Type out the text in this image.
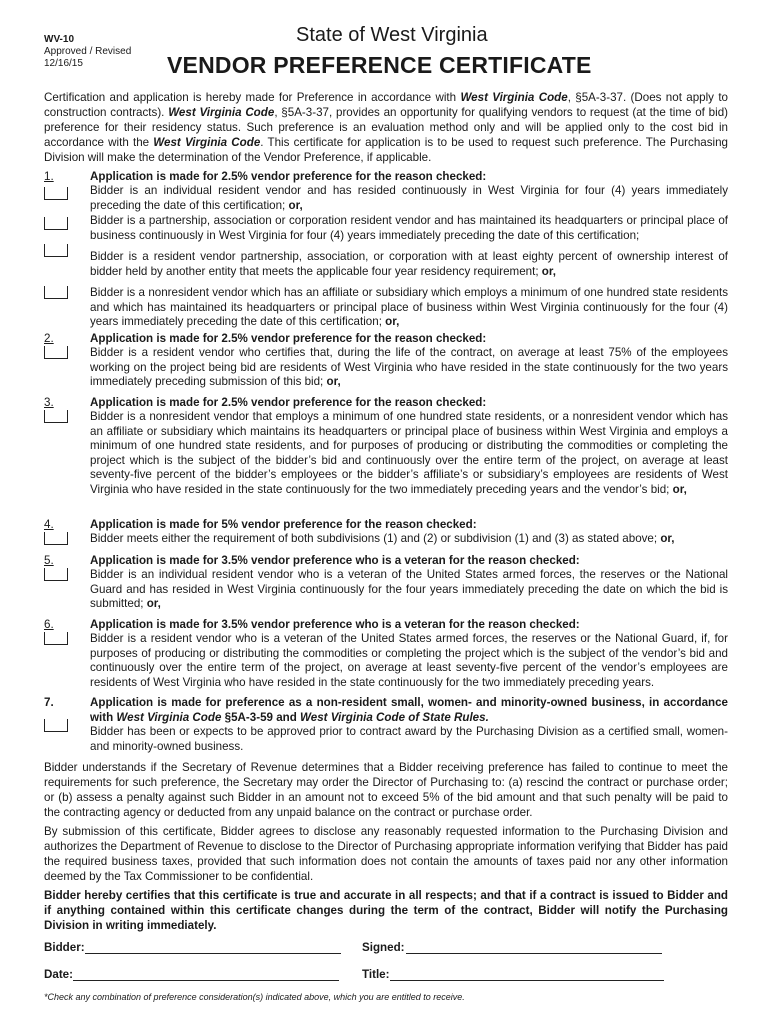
WV-10
Approved / Revised
12/16/15
State of West Virginia
VENDOR PREFERENCE CERTIFICATE
Certification and application is hereby made for Preference in accordance with West Virginia Code, §5A-3-37. (Does not apply to construction contracts). West Virginia Code, §5A-3-37, provides an opportunity for qualifying vendors to request (at the time of bid) preference for their residency status. Such preference is an evaluation method only and will be applied only to the cost bid in accordance with the West Virginia Code. This certificate for application is to be used to request such preference. The Purchasing Division will make the determination of the Vendor Preference, if applicable.
1.	Application is made for 2.5% vendor preference for the reason checked:
Bidder is an individual resident vendor and has resided continuously in West Virginia for four (4) years immediately preceding the date of this certification; or,
Bidder is a partnership, association or corporation resident vendor and has maintained its headquarters or principal place of business continuously in West Virginia for four (4) years immediately preceding the date of this certification;
Bidder is a resident vendor partnership, association, or corporation with at least eighty percent of ownership interest of bidder held by another entity that meets the applicable four year residency requirement; or,
Bidder is a nonresident vendor which has an affiliate or subsidiary which employs a minimum of one hundred state residents and which has maintained its headquarters or principal place of business within West Virginia continuously for the four (4) years immediately preceding the date of this certification; or,
2.	Application is made for 2.5% vendor preference for the reason checked:
Bidder is a resident vendor who certifies that, during the life of the contract, on average at least 75% of the employees working on the project being bid are residents of West Virginia who have resided in the state continuously for the two years immediately preceding submission of this bid; or,
3.	Application is made for 2.5% vendor preference for the reason checked:
Bidder is a nonresident vendor that employs a minimum of one hundred state residents, or a nonresident vendor which has an affiliate or subsidiary which maintains its headquarters or principal place of business within West Virginia and employs a minimum of one hundred state residents, and for purposes of producing or distributing the commodities or completing the project which is the subject of the bidder’s bid and continuously over the entire term of the project, on average at least seventy-five percent of the bidder’s employees or the bidder’s affiliate’s or subsidiary’s employees are residents of West Virginia who have resided in the state continuously for the two immediately preceding years and the vendor’s bid; or,
4.	Application is made for 5% vendor preference for the reason checked:
Bidder meets either the requirement of both subdivisions (1) and (2) or subdivision (1) and (3) as stated above; or,
5.	Application is made for 3.5% vendor preference who is a veteran for the reason checked:
Bidder is an individual resident vendor who is a veteran of the United States armed forces, the reserves or the National Guard and has resided in West Virginia continuously for the four years immediately preceding the date on which the bid is submitted; or,
6.	Application is made for 3.5% vendor preference who is a veteran for the reason checked:
Bidder is a resident vendor who is a veteran of the United States armed forces, the reserves or the National Guard, if, for purposes of producing or distributing the commodities or completing the project which is the subject of the vendor’s bid and continuously over the entire term of the project, on average at least seventy-five percent of the vendor’s employees are residents of West Virginia who have resided in the state continuously for the two immediately preceding years.
7.	Application is made for preference as a non-resident small, women- and minority-owned business, in accordance with West Virginia Code §5A-3-59 and West Virginia Code of State Rules.
Bidder has been or expects to be approved prior to contract award by the Purchasing Division as a certified small, women- and minority-owned business.
Bidder understands if the Secretary of Revenue determines that a Bidder receiving preference has failed to continue to meet the requirements for such preference, the Secretary may order the Director of Purchasing to: (a) rescind the contract or purchase order; or (b) assess a penalty against such Bidder in an amount not to exceed 5% of the bid amount and that such penalty will be paid to the contracting agency or deducted from any unpaid balance on the contract or purchase order.
By submission of this certificate, Bidder agrees to disclose any reasonably requested information to the Purchasing Division and authorizes the Department of Revenue to disclose to the Director of Purchasing appropriate information verifying that Bidder has paid the required business taxes, provided that such information does not contain the amounts of taxes paid nor any other information deemed by the Tax Commissioner to be confidential.
Bidder hereby certifies that this certificate is true and accurate in all respects; and that if a contract is issued to Bidder and if anything contained within this certificate changes during the term of the contract, Bidder will notify the Purchasing Division in writing immediately.
Bidder:	Signed:
Date:	Title:
*Check any combination of preference consideration(s) indicated above, which you are entitled to receive.
